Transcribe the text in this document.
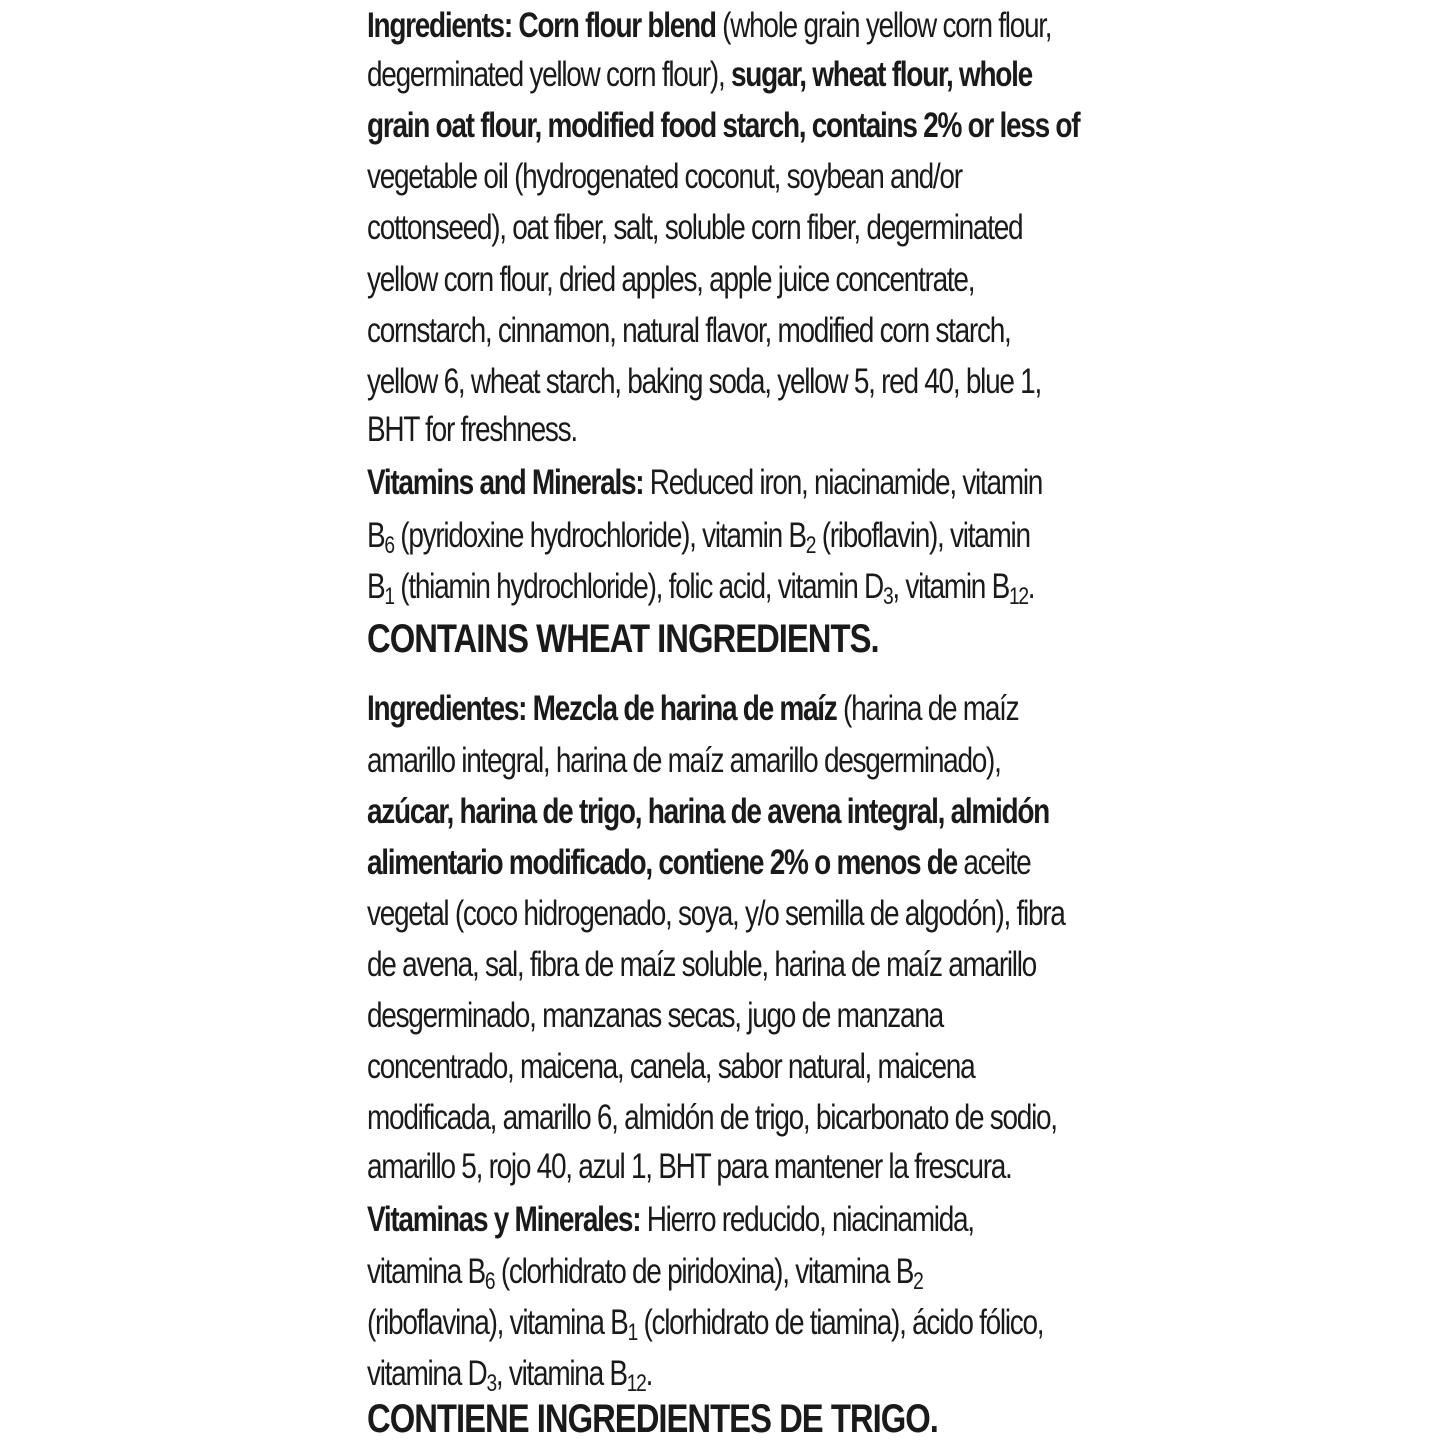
Ingredients: Corn flour blend (whole grain yellow corn flour,
degerminated yellow corn flour), sugar, wheat flour, whole
grain oat flour, modified food starch, contains 2% or less of
vegetable oil (hydrogenated coconut, soybean and/or
cottonseed), oat fiber, salt, soluble corn fiber, degerminated
yellow corn flour, dried apples, apple juice concentrate,
cornstarch, cinnamon, natural flavor, modified corn starch,
yellow 6, wheat starch, baking soda, yellow 5, red 40, blue 1,
BHT for freshness.
Vitamins and Minerals: Reduced iron, niacinamide, vitamin
$B_6$ (pyridoxine hydrochloride), vitamin $B_2$ (riboflavin), vitamin
$B_1$ (thiamin hydrochloride), folic acid, vitamin $D_3$, vitamin $B_{12}$.
CONTAINS WHEAT INGREDIENTS.
Ingredientes: Mezcla de harina de maíz (harina de maíz
amarillo integral, harina de maíz amarillo desgerminado),
azúcar, harina de trigo, harina de avena integral, almidón
alimentario modificado, contiene 2% o menos de aceite
vegetal (coco hidrogenado, soya, y/o semilla de algodón), fibra
de avena, sal, fibra de maíz soluble, harina de maíz amarillo
desgerminado, manzanas secas, jugo de manzana
concentrado, maicena, canela, sabor natural, maicena
modificada, amarillo 6, almidón de trigo, bicarbonato de sodio,
amarillo 5, rojo 40, azul 1, BHT para mantener la frescura.
Vitaminas y Minerales: Hierro reducido, niacinamida,
vitamina $B_6$ (clorhidrato de piridoxina), vitamina $B_2$
(riboflavina), vitamina $B_1$ (clorhidrato de tiamina), ácido fólico,
vitamina $D_3$, vitamina $B_{12}$.
CONTIENE INGREDIENTES DE TRIGO.
